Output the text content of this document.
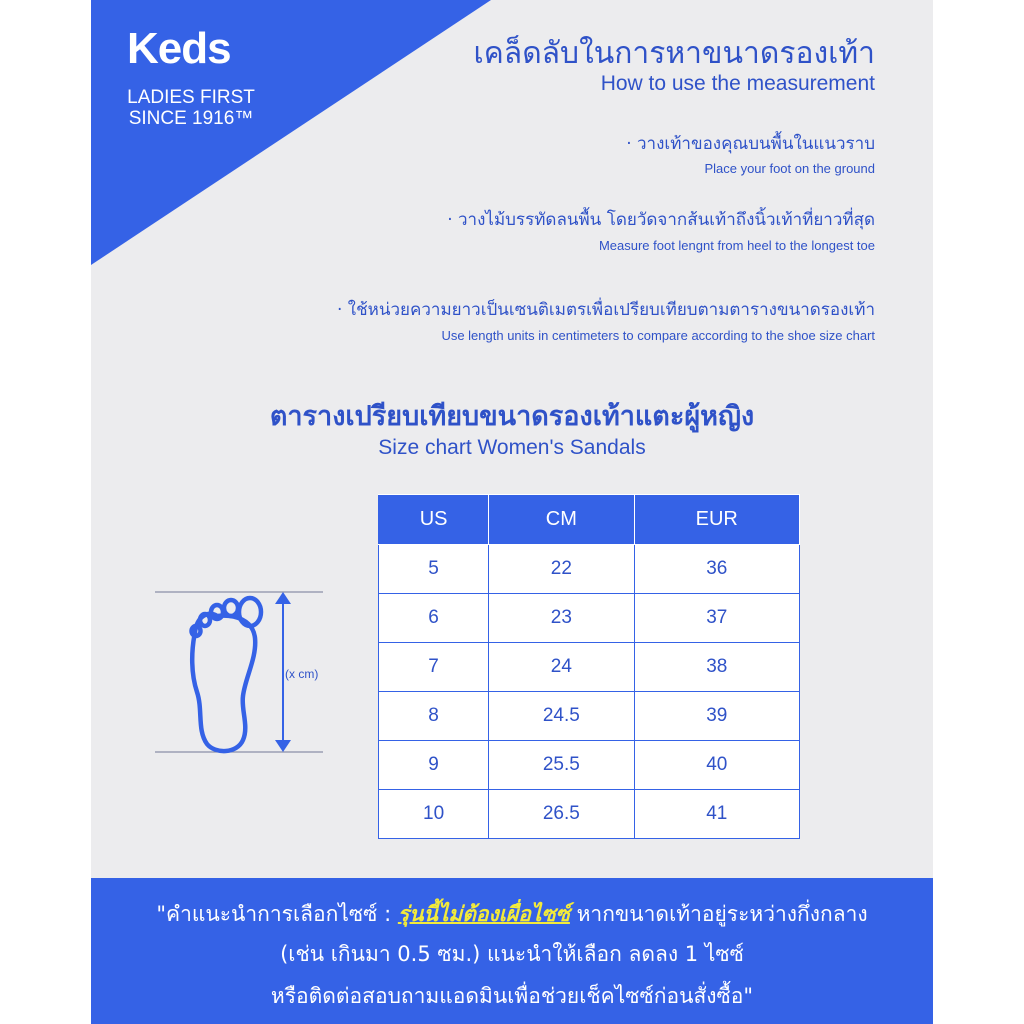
Keds
LADIES FIRST
SINCE 1916™
เคล็ดลับในการหาขนาดรองเท้า
How to use the measurement
· วางเท้าของคุณบนพื้นในแนวราบ
Place your foot on the ground
· วางไม้บรรทัดลนพื้น โดยวัดจากส้นเท้าถึงนิ้วเท้าที่ยาวที่สุด
Measure foot lengnt from heel to the longest toe
· ใช้หน่วยความยาวเป็นเซนติเมตรเพื่อเปรียบเทียบตามตารางขนาดรองเท้า
Use length units in centimeters to compare according to the shoe size chart
ตารางเปรียบเทียบขนาดรองเท้าแตะผู้หญิง
Size chart Women's Sandals
(x cm)
US	CM	EUR
5	22	36
6	23	37
7	24	38
8	24.5	39
9	25.5	40
10	26.5	41
"คำแนะนำการเลือกไซซ์ : รุ่นนี้ไม่ต้องเผื่อไซซ์ หากขนาดเท้าอยู่ระหว่างกึ่งกลาง
(เช่น เกินมา 0.5 ซม.) แนะนำให้เลือก ลดลง 1 ไซซ์
หรือติดต่อสอบถามแอดมินเพื่อช่วยเช็คไซซ์ก่อนสั่งซื้อ"
